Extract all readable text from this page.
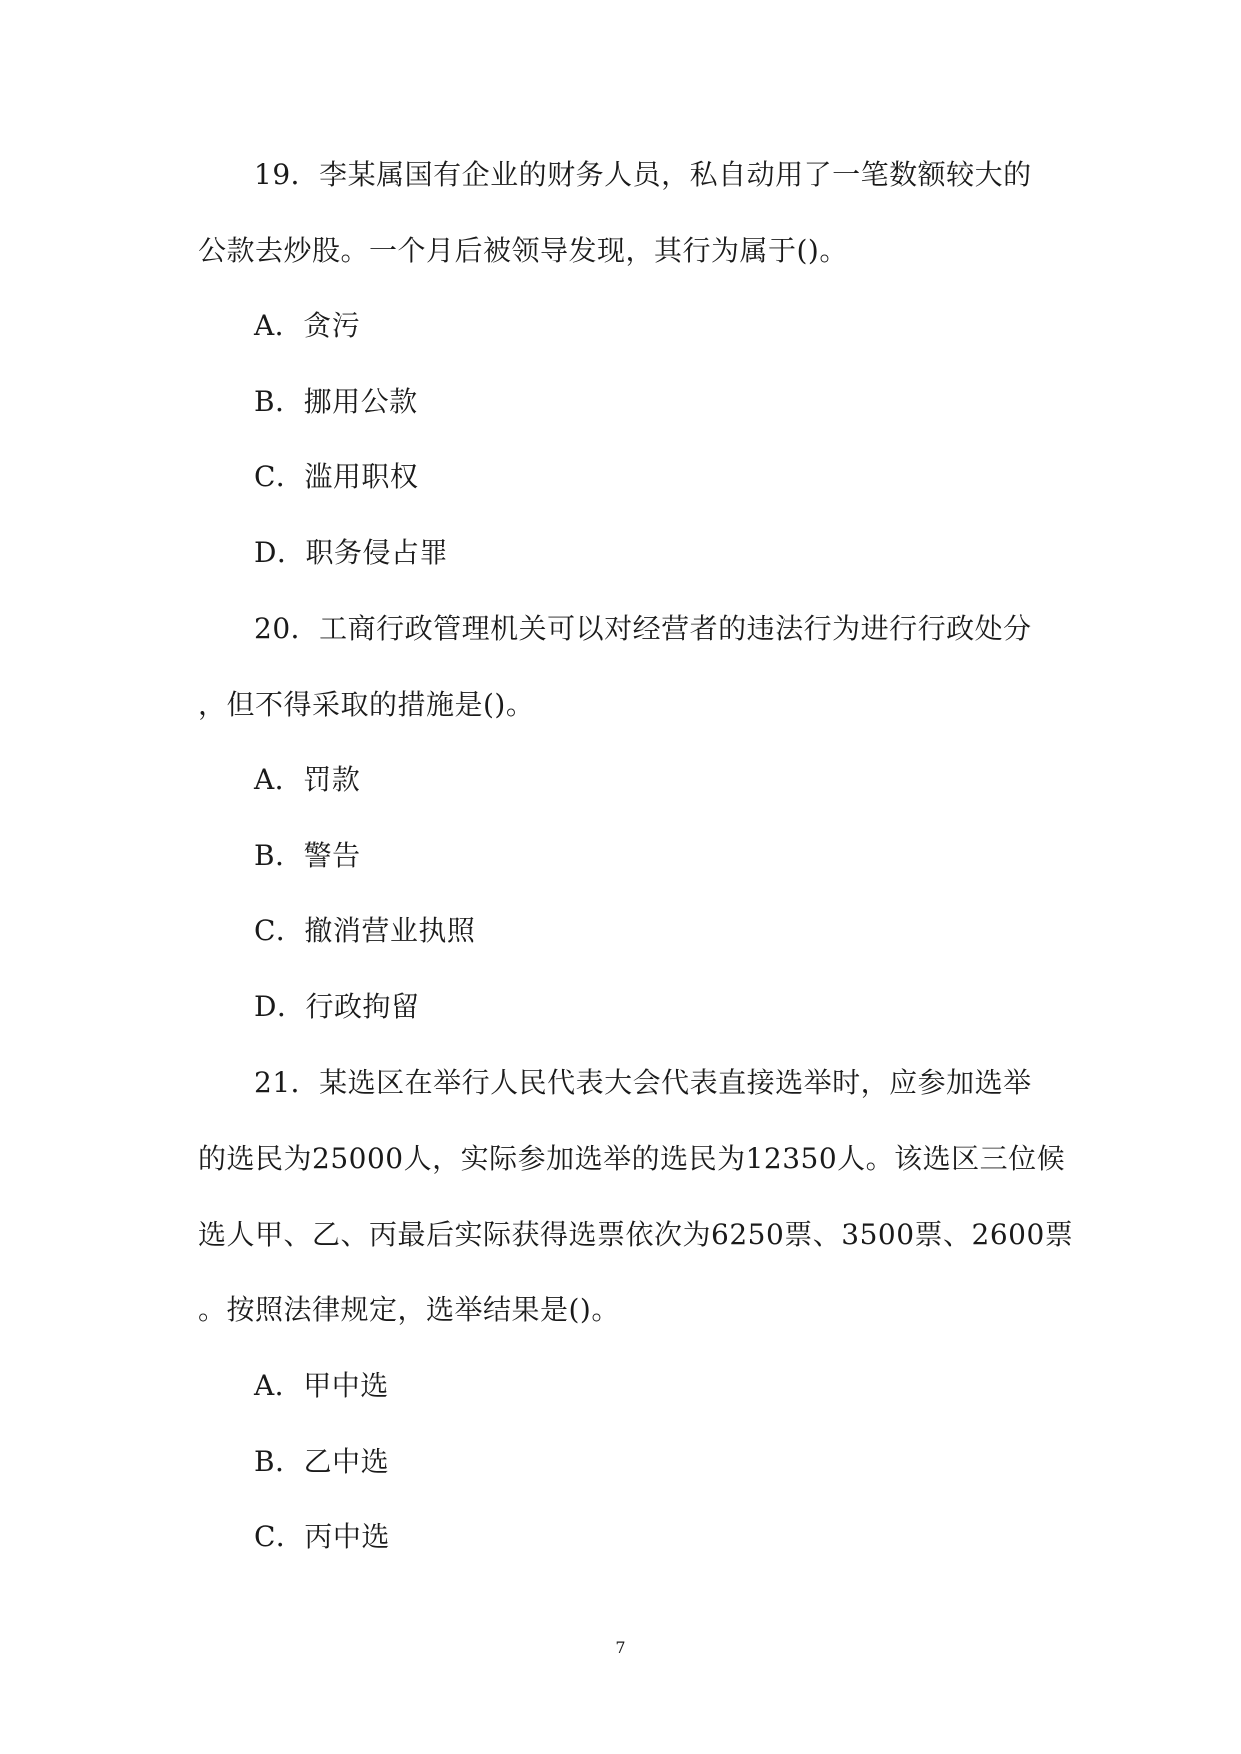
19．李某属国有企业的财务人员，私自动用了一笔数额较大的
公款去炒股。一个月后被领导发现，其行为属于()。
A．贪污
B．挪用公款
C．滥用职权
D．职务侵占罪
20．工商行政管理机关可以对经营者的违法行为进行行政处分
，但不得采取的措施是()。
A．罚款
B．警告
C．撤消营业执照
D．行政拘留
21．某选区在举行人民代表大会代表直接选举时，应参加选举
的选民为25000人，实际参加选举的选民为12350人。该选区三位候
选人甲、乙、丙最后实际获得选票依次为6250票、3500票、2600票
。按照法律规定，选举结果是()。
A．甲中选
B．乙中选
C．丙中选
7
